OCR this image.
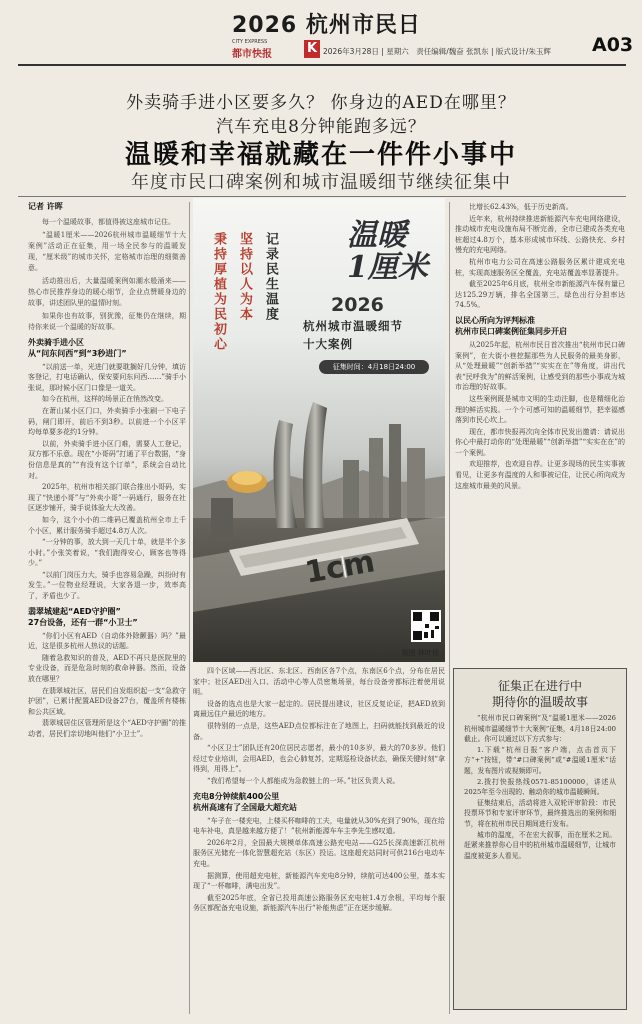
2026 杭州市民日
CITY EXPRESS
都市快报	K 2026年3月28日 | 星期六　责任编辑/魏奋 张凯东 | 版式设计/朱玉辉 A03
外卖骑手进小区要多久？ 你身边的AED在哪里？
汽车充电8分钟能跑多远？
温暖和幸福就藏在一件件小事中
年度市民口碑案例和城市温暖细节继续征集中
记者 许晖

每一个温暖故事，都值得被这座城市记住。

“温暖1厘米——2026杭州城市温暖细节十大案例”活动正在征集，用一场全民参与的温暖发现，“厘米级”的城市关怀，定格城市治理的细微善意。

活动推出后，大量温暖案例如潮水般涌来——热心市民推荐身边的暖心细节，企业点赞暖身边的故事，讲述团队里的温情时刻。

如果你也有故事，别犹豫，征集仍在继续，期待你来说一个温暖的好故事。

外卖骑手进小区
从“问东问西”到“3秒进门”

“以前送一单，光进门就要耽搁好几分钟，填访客登记，打电话确认，保安要问东问西……”骑手小张说，那时候小区门口像是一道关。

如今在杭州，这样的场景正在悄然改变。

在萧山某小区门口，外卖骑手小张刷一下电子码，闸门即开，前后不到3秒。以前进一个小区平均每单要多花约1分钟。

以前，外卖骑手进小区门难，需要人工登记，双方都不乐意。现在“小哥码”打通了平台数据，“身份信息是真的”“有没有这个订单”，系统会自动比对。

2025年，杭州市相关部门联合推出小哥码，实现了“快递小哥”与“外卖小哥”一码通行，服务在社区逐步铺开，骑手说体验大大改善。

如今，这个小小的二维码已覆盖杭州全市上千个小区，累计服务骑手超过4.8万人次。

“一分钟的事，放大到一天几十单，就是半个多小时。”小张笑着说，“我们跑得安心，顾客也等得少。”

“以前门岗压力大，骑手也容易急躁，纠纷时有发生。”一位物业经理说，大家各退一步，效率高了，矛盾也少了。

翡翠城建起“AED守护圈”
27台设备，还有一群“小卫士”

“你们小区有AED（自动体外除颤器）吗？”最近，这是很多杭州人热议的话题。

随着急救知识的普及，AED不再只是医院里的专业设备，而是危急时刻的救命神器。然而，设备放在哪里？

在翡翠城社区，居民们自发组织起一支“急救守护团”，已累计配置AED设备27台，覆盖所有楼栋和公共区域。

翡翠城居住区管理所是这个“AED守护圈”的推动者，居民们亲切地叫他们“小卫士”。

秉持厚植为民初心 坚持以人为本 记录民生温度 温暖
1厘米
2026
杭州城市温暖细节
十大案例
征集时间：4月18日24:00
1cm
制图 林叶杨

四个区域——西北区、东北区、西南区各7个点，东南区6个点，分布在居民家中；社区AED出入口、活动中心等人员密集场景，每台设备旁都标注着使用说明。

设备的选点也是大家一起定的。居民提出建议，社区反复论证，把AED放到离最远住户最近的地方。

很特别的一点是，这些AED点位都标注在了地图上，扫码就能找到最近的设备。

“小区卫士”团队还有20位居民志愿者，最小的10多岁，最大的70多岁。他们经过专业培训，会用AED，也会心肺复苏，定期巡检设备状态，确保关键时刻“拿得到，用得上”。

“我们希望每一个人都能成为急救链上的一环。”社区负责人说。

充电8分钟续航400公里
杭州高速有了全国最大超充站

“车子在一楼充电，上楼买杯咖啡的工夫，电量就从30%充到了90%，现在给电车补电，真是越来越方便了！”杭州新能源车车主李先生感叹道。

2026年2月，全国最大规模单体高速公路充电站——G25长深高速新江杭州服务区光储充一体化智慧超充站（东区）投运。这座超充站同时可供216台电动车充电。

据测算，使用超充电桩，新能源汽车充电8分钟，续航可达400公里，基本实现了“一杯咖啡，满电出发”。

截至2025年底，全省已投用高速公路服务区充电桩1.4万余根，平均每个服务区都配备充电设施，新能源汽车出行“补能焦虑”正在逐步缓解。

比增长62.43%，低于历史新高。

近年来，杭州持续推进新能源汽车充电网络建设，推动城市充电设施布局不断完善，全市已建成各类充电桩超过4.8万个，基本形成城市环线、公路快充、乡村慢充的充电网络。

杭州市电力公司在高速公路服务区累计建成充电桩，实现高速服务区全覆盖，充电站覆盖率显著提升。

截至2025年6月底，杭州全市新能源汽车保有量已达125.29万辆，排名全国第三，绿色出行分担率达74.5%。

以民心所向为评判标准
杭州市民口碑案例征集同步开启

从2025年起，杭州市民日首次推出“杭州市民口碑案例”，在大街小巷挖掘那些为人民服务的最美身影，从“处理最暖”“创新举措”“实实在在”等角度，讲出代表“民呼我为”的鲜活案例，让感受到的那些小事成为城市治理的好故事。

这些案例既是城市文明的生动注脚，也是精细化治理的鲜活实践。一个个可感可知的温暖细节，把幸福感落到市民心坎上。

现在，都市快报再次向全体市民发出邀请：请说出你心中最打动你的“处理最暖”“创新举措”“实实在在”的一个案例。

欢迎推荐，也欢迎自荐。让更多现场的民生实事被看见，让更多有温度的人和事被记住，让民心所向成为这座城市最美的风景。

征集正在进行中
期待你的温暖故事

“杭州市民口碑案例”及“温暖1厘米——2026杭州城市温暖细节十大案例”征集，4月18日24:00截止。你可以通过以下方式参与：

1.下载“杭州日报”客户端，点击首页下方“+”按钮，带“#口碑案例”或“#温暖1厘米”话题，发布图片或视频即可。

2.拨打快报热线0571-85100000，讲述从2025年至今出现的、触动你的城市温暖瞬间。

征集结束后，活动将进入双轮评审阶段：市民投票环节和专家评审环节，最终推选出的案例和细节，将在杭州市民日期间进行发布。

城市的温度，不在宏大叙事，而在厘米之间。赶紧来推荐你心目中的杭州城市温暖细节，让城市温度被更多人看见。
